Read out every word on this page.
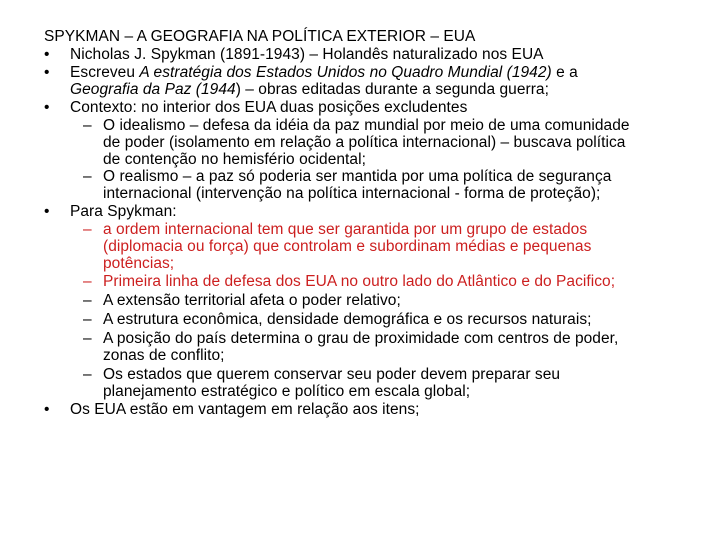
SPYKMAN – A GEOGRAFIA NA POLÍTICA EXTERIOR – EUA
• Nicholas J. Spykman (1891-1943) – Holandês naturalizado nos EUA
• Escreveu A estratégia dos Estados Unidos no Quadro Mundial (1942) e a
Geografia da Paz (1944) – obras editadas durante a segunda guerra;
• Contexto: no interior dos EUA duas posições excludentes
– O idealismo – defesa da idéia da paz mundial por meio de uma comunidade
de poder (isolamento em relação a política internacional) – buscava política
de contenção no hemisfério ocidental;
– O realismo – a paz só poderia ser mantida por uma política de segurança
internacional (intervenção na política internacional - forma de proteção);
• Para Spykman:
– a ordem internacional tem que ser garantida por um grupo de estados
(diplomacia ou força) que controlam e subordinam médias e pequenas
potências;
– Primeira linha de defesa dos EUA no outro lado do Atlântico e do Pacifico;
– A extensão territorial afeta o poder relativo;
– A estrutura econômica, densidade demográfica e os recursos naturais;
– A posição do país determina o grau de proximidade com centros de poder,
zonas de conflito;
– Os estados que querem conservar seu poder devem preparar seu
planejamento estratégico e político em escala global;
• Os EUA estão em vantagem em relação aos itens;
